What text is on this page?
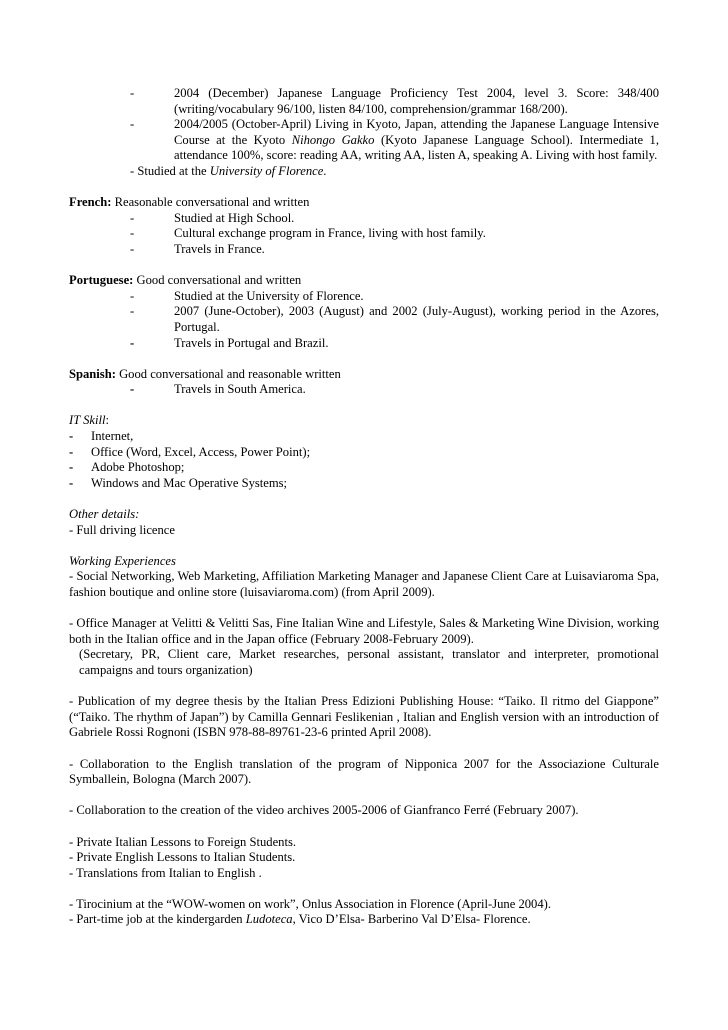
-	2004 (December) Japanese Language Proficiency Test 2004, level 3. Score: 348/400 (writing/vocabulary 96/100, listen 84/100, comprehension/grammar 168/200).
-	2004/2005 (October-April) Living in Kyoto, Japan, attending the Japanese Language Intensive Course at the Kyoto Nihongo Gakko (Kyoto Japanese Language School). Intermediate 1, attendance 100%, score: reading AA, writing AA, listen A, speaking A. Living with host family.
- Studied at the University of Florence.
French: Reasonable conversational and written
-	Studied at High School.
-	Cultural exchange program in France, living with host family.
-	Travels in France.
Portuguese: Good conversational and written
-	Studied at the University of Florence.
-	2007 (June-October), 2003 (August) and 2002 (July-August), working period in the Azores, Portugal.
-	Travels in Portugal and Brazil.
Spanish: Good conversational and reasonable written
-	Travels in South America.
IT Skill:
- Internet,
- Office (Word, Excel, Access, Power Point);
- Adobe Photoshop;
- Windows and Mac Operative Systems;
Other details:
- Full driving licence
Working Experiences
- Social Networking, Web Marketing, Affiliation Marketing Manager and Japanese Client Care at Luisaviaroma Spa, fashion boutique and online store (luisaviaroma.com) (from April 2009).
- Office Manager at Velitti & Velitti Sas, Fine Italian Wine and Lifestyle, Sales & Marketing Wine Division, working both in the Italian office and in the Japan office (February 2008-February 2009).
(Secretary, PR, Client care, Market researches, personal assistant, translator and interpreter, promotional campaigns and tours organization)
- Publication of my degree thesis by the Italian Press Edizioni Publishing House: “Taiko. Il ritmo del Giappone” (“Taiko. The rhythm of Japan”) by Camilla Gennari Feslikenian , Italian and English version with an introduction of Gabriele Rossi Rognoni (ISBN 978-88-89761-23-6 printed April 2008).
- Collaboration to the English translation of the program of Nipponica 2007 for the Associazione Culturale Symballein, Bologna (March 2007).
- Collaboration to the creation of the video archives 2005-2006 of Gianfranco Ferré (February 2007).
- Private Italian Lessons to Foreign Students.
- Private English Lessons to Italian Students.
- Translations from Italian to English .
- Tirocinium at the “WOW-women on work”, Onlus Association in Florence (April-June 2004).
- Part-time job at the kindergarden Ludoteca, Vico D’Elsa- Barberino Val D’Elsa- Florence.
